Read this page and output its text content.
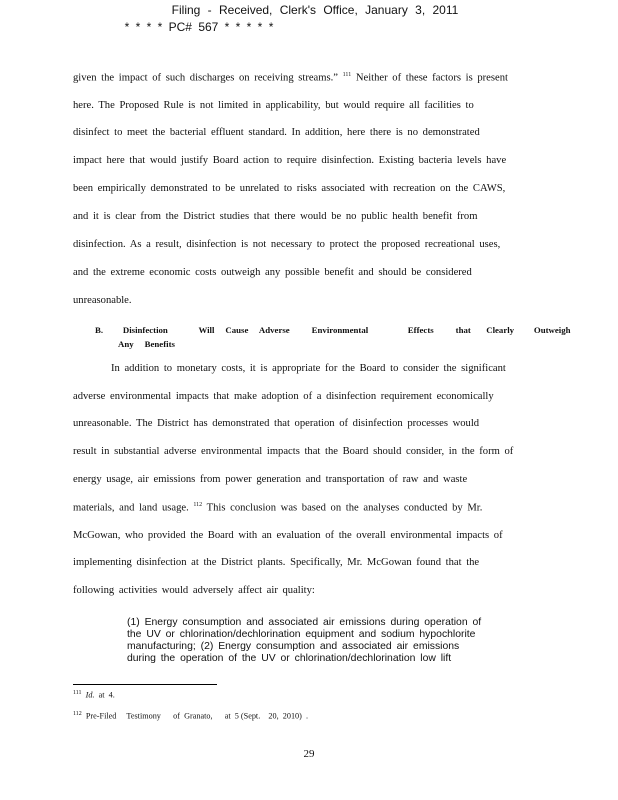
Filing - Received, Clerk's Office, January 3, 2011
* * * * PC# 567 * * * * *
given the impact of such discharges on receiving streams.” $^{111}$ Neither of these factors is present
here. The Proposed Rule is not limited in applicability, but would require all facilities to
disinfect to meet the bacterial effluent standard. In addition, here there is no demonstrated
impact here that would justify Board action to require disinfection. Existing bacteria levels have
been empirically demonstrated to be unrelated to risks associated with recreation on the CAWS,
and it is clear from the District studies that there would be no public health benefit from
disinfection. As a result, disinfection is not necessary to protect the proposed recreational uses,
and the extreme economic costs outweigh any possible benefit and should be considered
unreasonable.
B.         Disinfection              Will     Cause     Adverse          Environmental                  Effects          that       Clearly         Outweigh
Any     Benefits
In addition to monetary costs, it is appropriate for the Board to consider the significant
adverse environmental impacts that make adoption of a disinfection requirement economically
unreasonable. The District has demonstrated that operation of disinfection processes would
result in substantial adverse environmental impacts that the Board should consider, in the form of
energy usage, air emissions from power generation and transportation of raw and waste
materials, and land usage. $^{112}$ This conclusion was based on the analyses conducted by Mr.
McGowan, who provided the Board with an evaluation of the overall environmental impacts of
implementing disinfection at the District plants. Specifically, Mr. McGowan found that the
following activities would adversely affect air quality:
(1) Energy consumption and associated air emissions during operation of
the UV or chlorination/dechlorination equipment and sodium hypochlorite
manufacturing; (2) Energy consumption and associated air emissions
during the operation of the UV or chlorination/dechlorination low lift
$^{111}$ Id.  at  4.
$^{112}$ Pre-Filed     Testimony      of  Granato,      at  5 (Sept.    20,  2010)  .
29
